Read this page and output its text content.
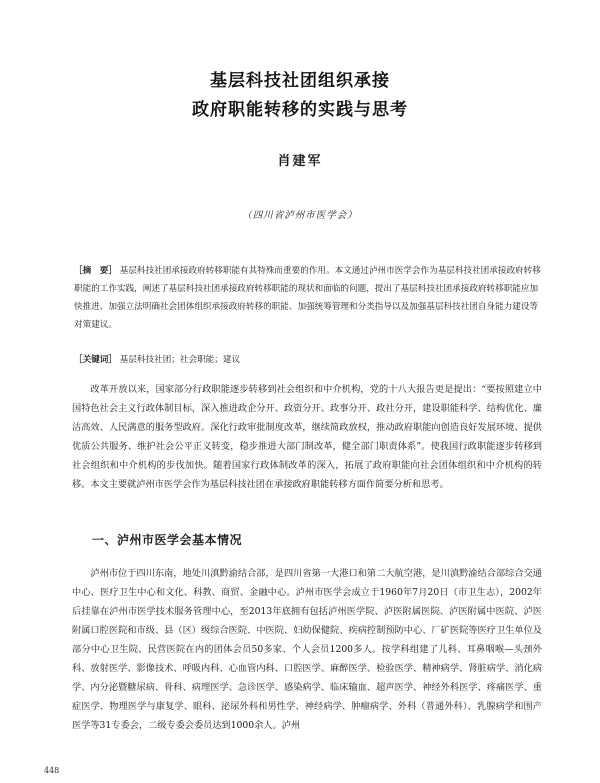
基层科技社团组织承接
政府职能转移的实践与思考
肖建军
（四川省泸州市医学会）
［摘　要］ 基层科技社团承接政府转移职能有其特殊而重要的作用。本文通过泸州市医学会作为基层科技社团承接政府转移职能的工作实践，阐述了基层科技社团承接政府转移职能的现状和面临的问题，提出了基层科技社团承接政府转移职能应加快推进、加强立法明确社会团体组织承接政府转移的职能、加强统筹管理和分类指导以及加强基层科技社团自身能力建设等对策建议。
［关键词］ 基层科技社团；社会职能；建议
改革开放以来，国家部分行政职能逐步转移到社会组织和中介机构，党的十八大报告更是提出：“要按照建立中国特色社会主义行政体制目标，深入推进政企分开、政资分开、政事分开、政社分开，建设职能科学、结构优化、廉洁高效、人民满意的服务型政府。深化行政审批制度改革，继续简政放权，推动政府职能向创造良好发展环境、提供优质公共服务、维护社会公平正义转变，稳步推进大部门制改革，健全部门职责体系”。使我国行政职能逐步转移到社会组织和中介机构的步伐加快。随着国家行政体制改革的深入，拓展了政府职能向社会团体组织和中介机构的转移。本文主要就泸州市医学会作为基层科技社团在承接政府职能转移方面作简要分析和思考。
一、泸州市医学会基本情况
泸州市位于四川东南，地处川滇黔渝结合部，是四川省第一大港口和第二大航空港，是川滇黔渝结合部综合交通中心、医疗卫生中心和文化、科教、商贸、金融中心。泸州市医学会成立于1960年7月20日（市卫生志），2002年后挂靠在泸州市医学技术服务管理中心，至2013年底拥有包括泸州医学院、泸医附属医院、泸医附属中医院、泸医附属口腔医院和市级、县（区）级综合医院、中医院、妇幼保健院、疾病控制预防中心、厂矿医院等医疗卫生单位及部分中心卫生院、民营医院在内的团体会员50多家、个人会员1200多人。按学科组建了儿科、耳鼻咽喉—头颈外科、放射医学、影像技术、呼吸内科、心血管内科、口腔医学、麻醉医学、检验医学、精神病学、肾脏病学、消化病学、内分泌暨糖尿病、骨科、病理医学、急诊医学、感染病学、临床输血、超声医学、神经外科医学、疼痛医学、重症医学、物理医学与康复学、眼科、泌尿外科和男性学、神经病学、肿瘤病学、外科（普通外科）、乳腺病学和围产医学等31专委会，二级专委会委员达到1000余人。泸州
448
